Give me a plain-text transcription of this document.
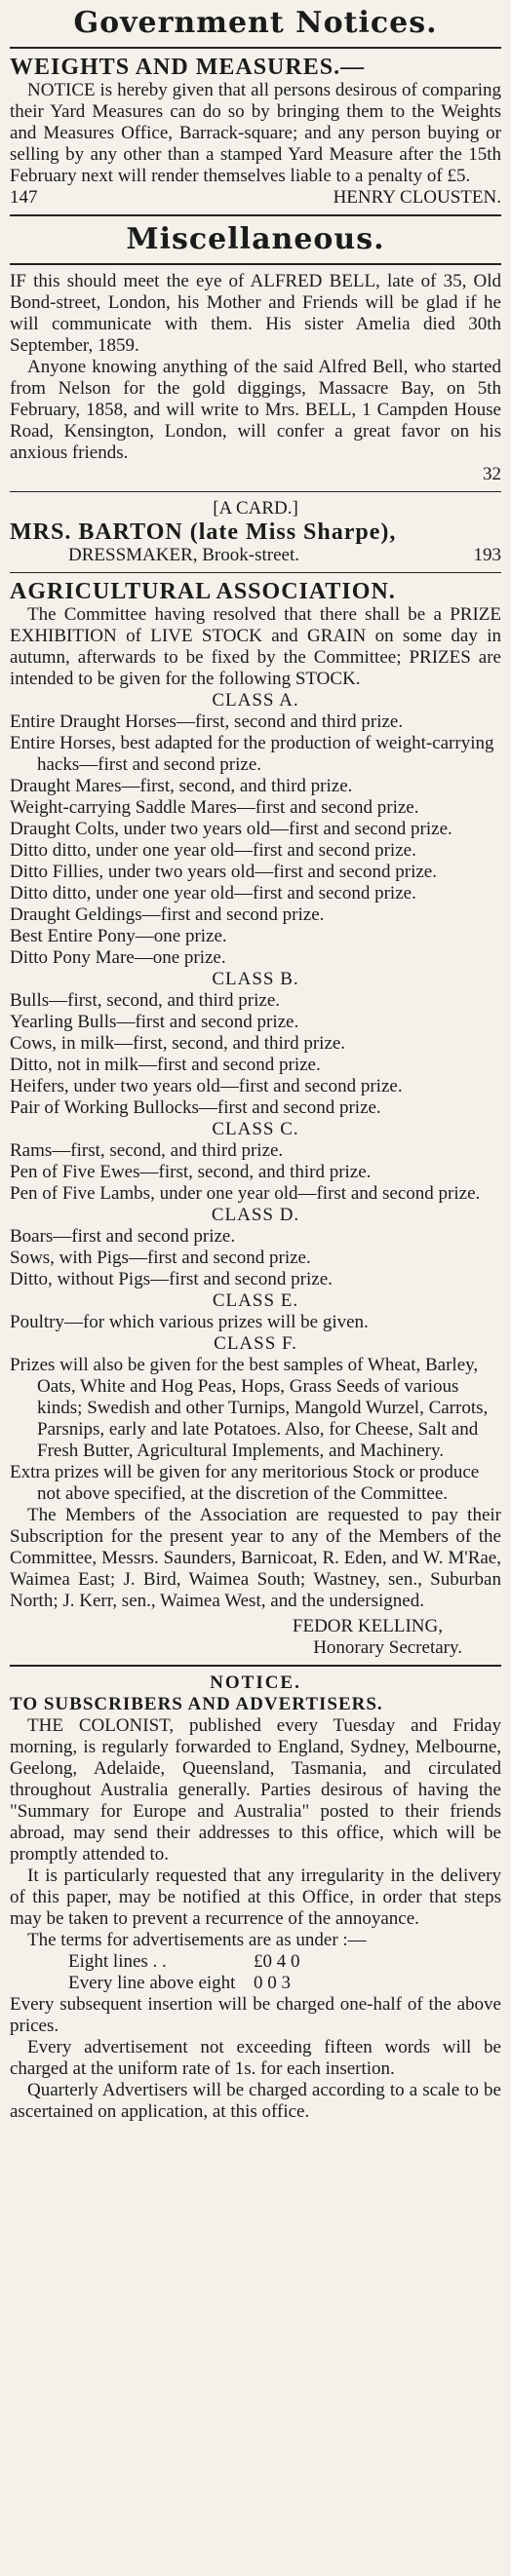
Government Notices.

WEIGHTS AND MEASURES.—

NOTICE is hereby given that all persons desirous of comparing their Yard Measures can do so by bringing them to the Weights and Measures Office, Barrack-square; and any person buying or selling by any other than a stamped Yard Measure after the 15th February next will render themselves liable to a penalty of £5.

147	HENRY CLOUSTEN.
Miscellaneous.

IF this should meet the eye of ALFRED BELL, late of 35, Old Bond-street, London, his Mother and Friends will be glad if he will communicate with them. His sister Amelia died 30th September, 1859.

Anyone knowing anything of the said Alfred Bell, who started from Nelson for the gold diggings, Massacre Bay, on 5th February, 1858, and will write to Mrs. BELL, 1 Campden House Road, Kensington, London, will confer a great favor on his anxious friends.

32

[A CARD.]

MRS. BARTON (late Miss Sharpe),

DRESSMAKER, Brook-street.	193

AGRICULTURAL ASSOCIATION.

The Committee having resolved that there shall be a PRIZE EXHIBITION of LIVE STOCK and GRAIN on some day in autumn, afterwards to be fixed by the Committee; PRIZES are intended to be given for the following STOCK.

CLASS A.

Entire Draught Horses—first, second and third prize.

Entire Horses, best adapted for the production of weight-carrying hacks—first and second prize.

Draught Mares—first, second, and third prize.

Weight-carrying Saddle Mares—first and second prize.

Draught Colts, under two years old—first and second prize.

Ditto ditto, under one year old—first and second prize.

Ditto Fillies, under two years old—first and second prize.

Ditto ditto, under one year old—first and second prize.

Draught Geldings—first and second prize.

Best Entire Pony—one prize.

Ditto Pony Mare—one prize.

CLASS B.

Bulls—first, second, and third prize.

Yearling Bulls—first and second prize.

Cows, in milk—first, second, and third prize.

Ditto, not in milk—first and second prize.

Heifers, under two years old—first and second prize.

Pair of Working Bullocks—first and second prize.

CLASS C.

Rams—first, second, and third prize.

Pen of Five Ewes—first, second, and third prize.

Pen of Five Lambs, under one year old—first and second prize.

CLASS D.

Boars—first and second prize.

Sows, with Pigs—first and second prize.

Ditto, without Pigs—first and second prize.

CLASS E.

Poultry—for which various prizes will be given.

CLASS F.

Prizes will also be given for the best samples of Wheat, Barley, Oats, White and Hog Peas, Hops, Grass Seeds of various kinds; Swedish and other Turnips, Mangold Wurzel, Carrots, Parsnips, early and late Potatoes. Also, for Cheese, Salt and Fresh Butter, Agricultural Implements, and Machinery.

Extra prizes will be given for any meritorious Stock or produce not above specified, at the discretion of the Committee.

The Members of the Association are requested to pay their Subscription for the present year to any of the Members of the Committee, Messrs. Saunders, Barnicoat, R. Eden, and W. M'Rae, Waimea East; J. Bird, Waimea South; Wastney, sen., Suburban North; J. Kerr, sen., Waimea West, and the undersigned.

FEDOR KELLING,

Honorary Secretary.

NOTICE.

TO SUBSCRIBERS AND ADVERTISERS.

THE COLONIST, published every Tuesday and Friday morning, is regularly forwarded to England, Sydney, Melbourne, Geelong, Adelaide, Queensland, Tasmania, and circulated throughout Australia generally. Parties desirous of having the "Summary for Europe and Australia" posted to their friends abroad, may send their addresses to this office, which will be promptly attended to.

It is particularly requested that any irregularity in the delivery of this paper, may be notified at this Office, in order that steps may be taken to prevent a recurrence of the annoyance.

The terms for advertisements are as under :—

Eight lines . .	£0 4 0
Every line above eight 0 0 3

Every subsequent insertion will be charged one-half of the above prices.

Every advertisement not exceeding fifteen words will be charged at the uniform rate of 1s. for each insertion.

Quarterly Advertisers will be charged according to a scale to be ascertained on application, at this office.
